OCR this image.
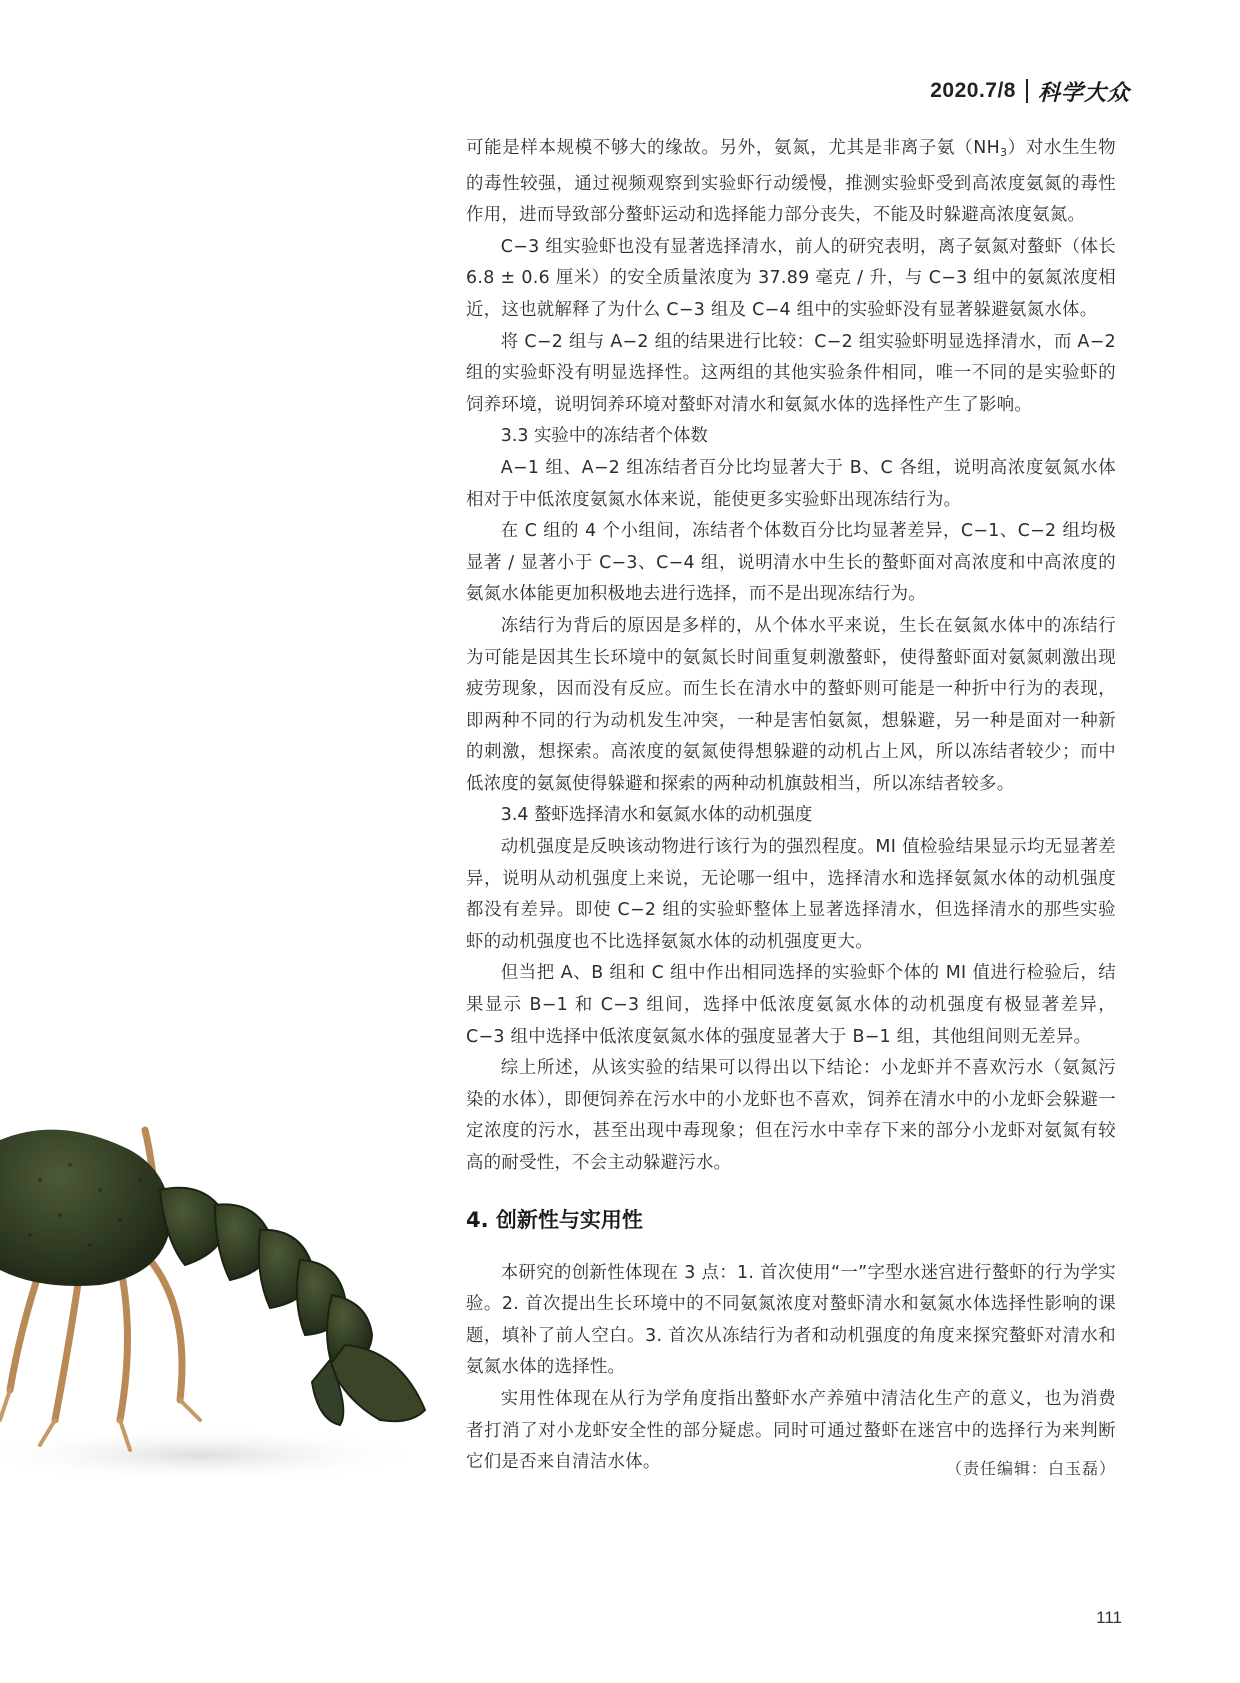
2020.7/8 科学大众

可能是样本规模不够大的缘故。另外，氨氮，尤其是非离子氨$(NH_3)$对水生生物的毒性较强，通过视频观察到实验虾行动缓慢，推测实验虾受到高浓度氨氮的毒性作用，进而导致部分螯虾运动和选择能力部分丧失，不能及时躲避高浓度氨氮。

C−3 组实验虾也没有显著选择清水，前人的研究表明，离子氨氮对螯虾（体长 6.8 ± 0.6 厘米）的安全质量浓度为 37.89 毫克 / 升，与 C−3 组中的氨氮浓度相近，这也就解释了为什么 C−3 组及 C−4 组中的实验虾没有显著躲避氨氮水体。

将 C−2 组与 A−2 组的结果进行比较：C−2 组实验虾明显选择清水，而 A−2 组的实验虾没有明显选择性。这两组的其他实验条件相同，唯一不同的是实验虾的饲养环境，说明饲养环境对螯虾对清水和氨氮水体的选择性产生了影响。

3.3 实验中的冻结者个体数

A−1 组、A−2 组冻结者百分比均显著大于 B、C 各组，说明高浓度氨氮水体相对于中低浓度氨氮水体来说，能使更多实验虾出现冻结行为。

在 C 组的 4 个小组间，冻结者个体数百分比均显著差异，C−1、C−2 组均极显著 / 显著小于 C−3、C−4 组，说明清水中生长的螯虾面对高浓度和中高浓度的氨氮水体能更加积极地去进行选择，而不是出现冻结行为。

冻结行为背后的原因是多样的，从个体水平来说，生长在氨氮水体中的冻结行为可能是因其生长环境中的氨氮长时间重复刺激螯虾，使得螯虾面对氨氮刺激出现疲劳现象，因而没有反应。而生长在清水中的螯虾则可能是一种折中行为的表现，即两种不同的行为动机发生冲突，一种是害怕氨氮，想躲避，另一种是面对一种新的刺激，想探索。高浓度的氨氮使得想躲避的动机占上风，所以冻结者较少；而中低浓度的氨氮使得躲避和探索的两种动机旗鼓相当，所以冻结者较多。

3.4 螯虾选择清水和氨氮水体的动机强度

动机强度是反映该动物进行该行为的强烈程度。MI 值检验结果显示均无显著差异，说明从动机强度上来说，无论哪一组中，选择清水和选择氨氮水体的动机强度都没有差异。即使 C−2 组的实验虾整体上显著选择清水，但选择清水的那些实验虾的动机强度也不比选择氨氮水体的动机强度更大。

但当把 A、B 组和 C 组中作出相同选择的实验虾个体的 MI 值进行检验后，结果显示 B−1 和 C−3 组间，选择中低浓度氨氮水体的动机强度有极显著差异，C−3 组中选择中低浓度氨氮水体的强度显著大于 B−1 组，其他组间则无差异。

综上所述，从该实验的结果可以得出以下结论：小龙虾并不喜欢污水（氨氮污染的水体），即便饲养在污水中的小龙虾也不喜欢，饲养在清水中的小龙虾会躲避一定浓度的污水，甚至出现中毒现象；但在污水中幸存下来的部分小龙虾对氨氮有较高的耐受性，不会主动躲避污水。

4. 创新性与实用性

本研究的创新性体现在 3 点：1. 首次使用“一”字型水迷宫进行螯虾的行为学实验。2. 首次提出生长环境中的不同氨氮浓度对螯虾清水和氨氮水体选择性影响的课题，填补了前人空白。3. 首次从冻结行为者和动机强度的角度来探究螯虾对清水和氨氮水体的选择性。

实用性体现在从行为学角度指出螯虾水产养殖中清洁化生产的意义，也为消费者打消了对小龙虾安全性的部分疑虑。同时可通过螯虾在迷宫中的选择行为来判断它们是否来自清洁水体。	（责任编辑：白玉磊）
111
